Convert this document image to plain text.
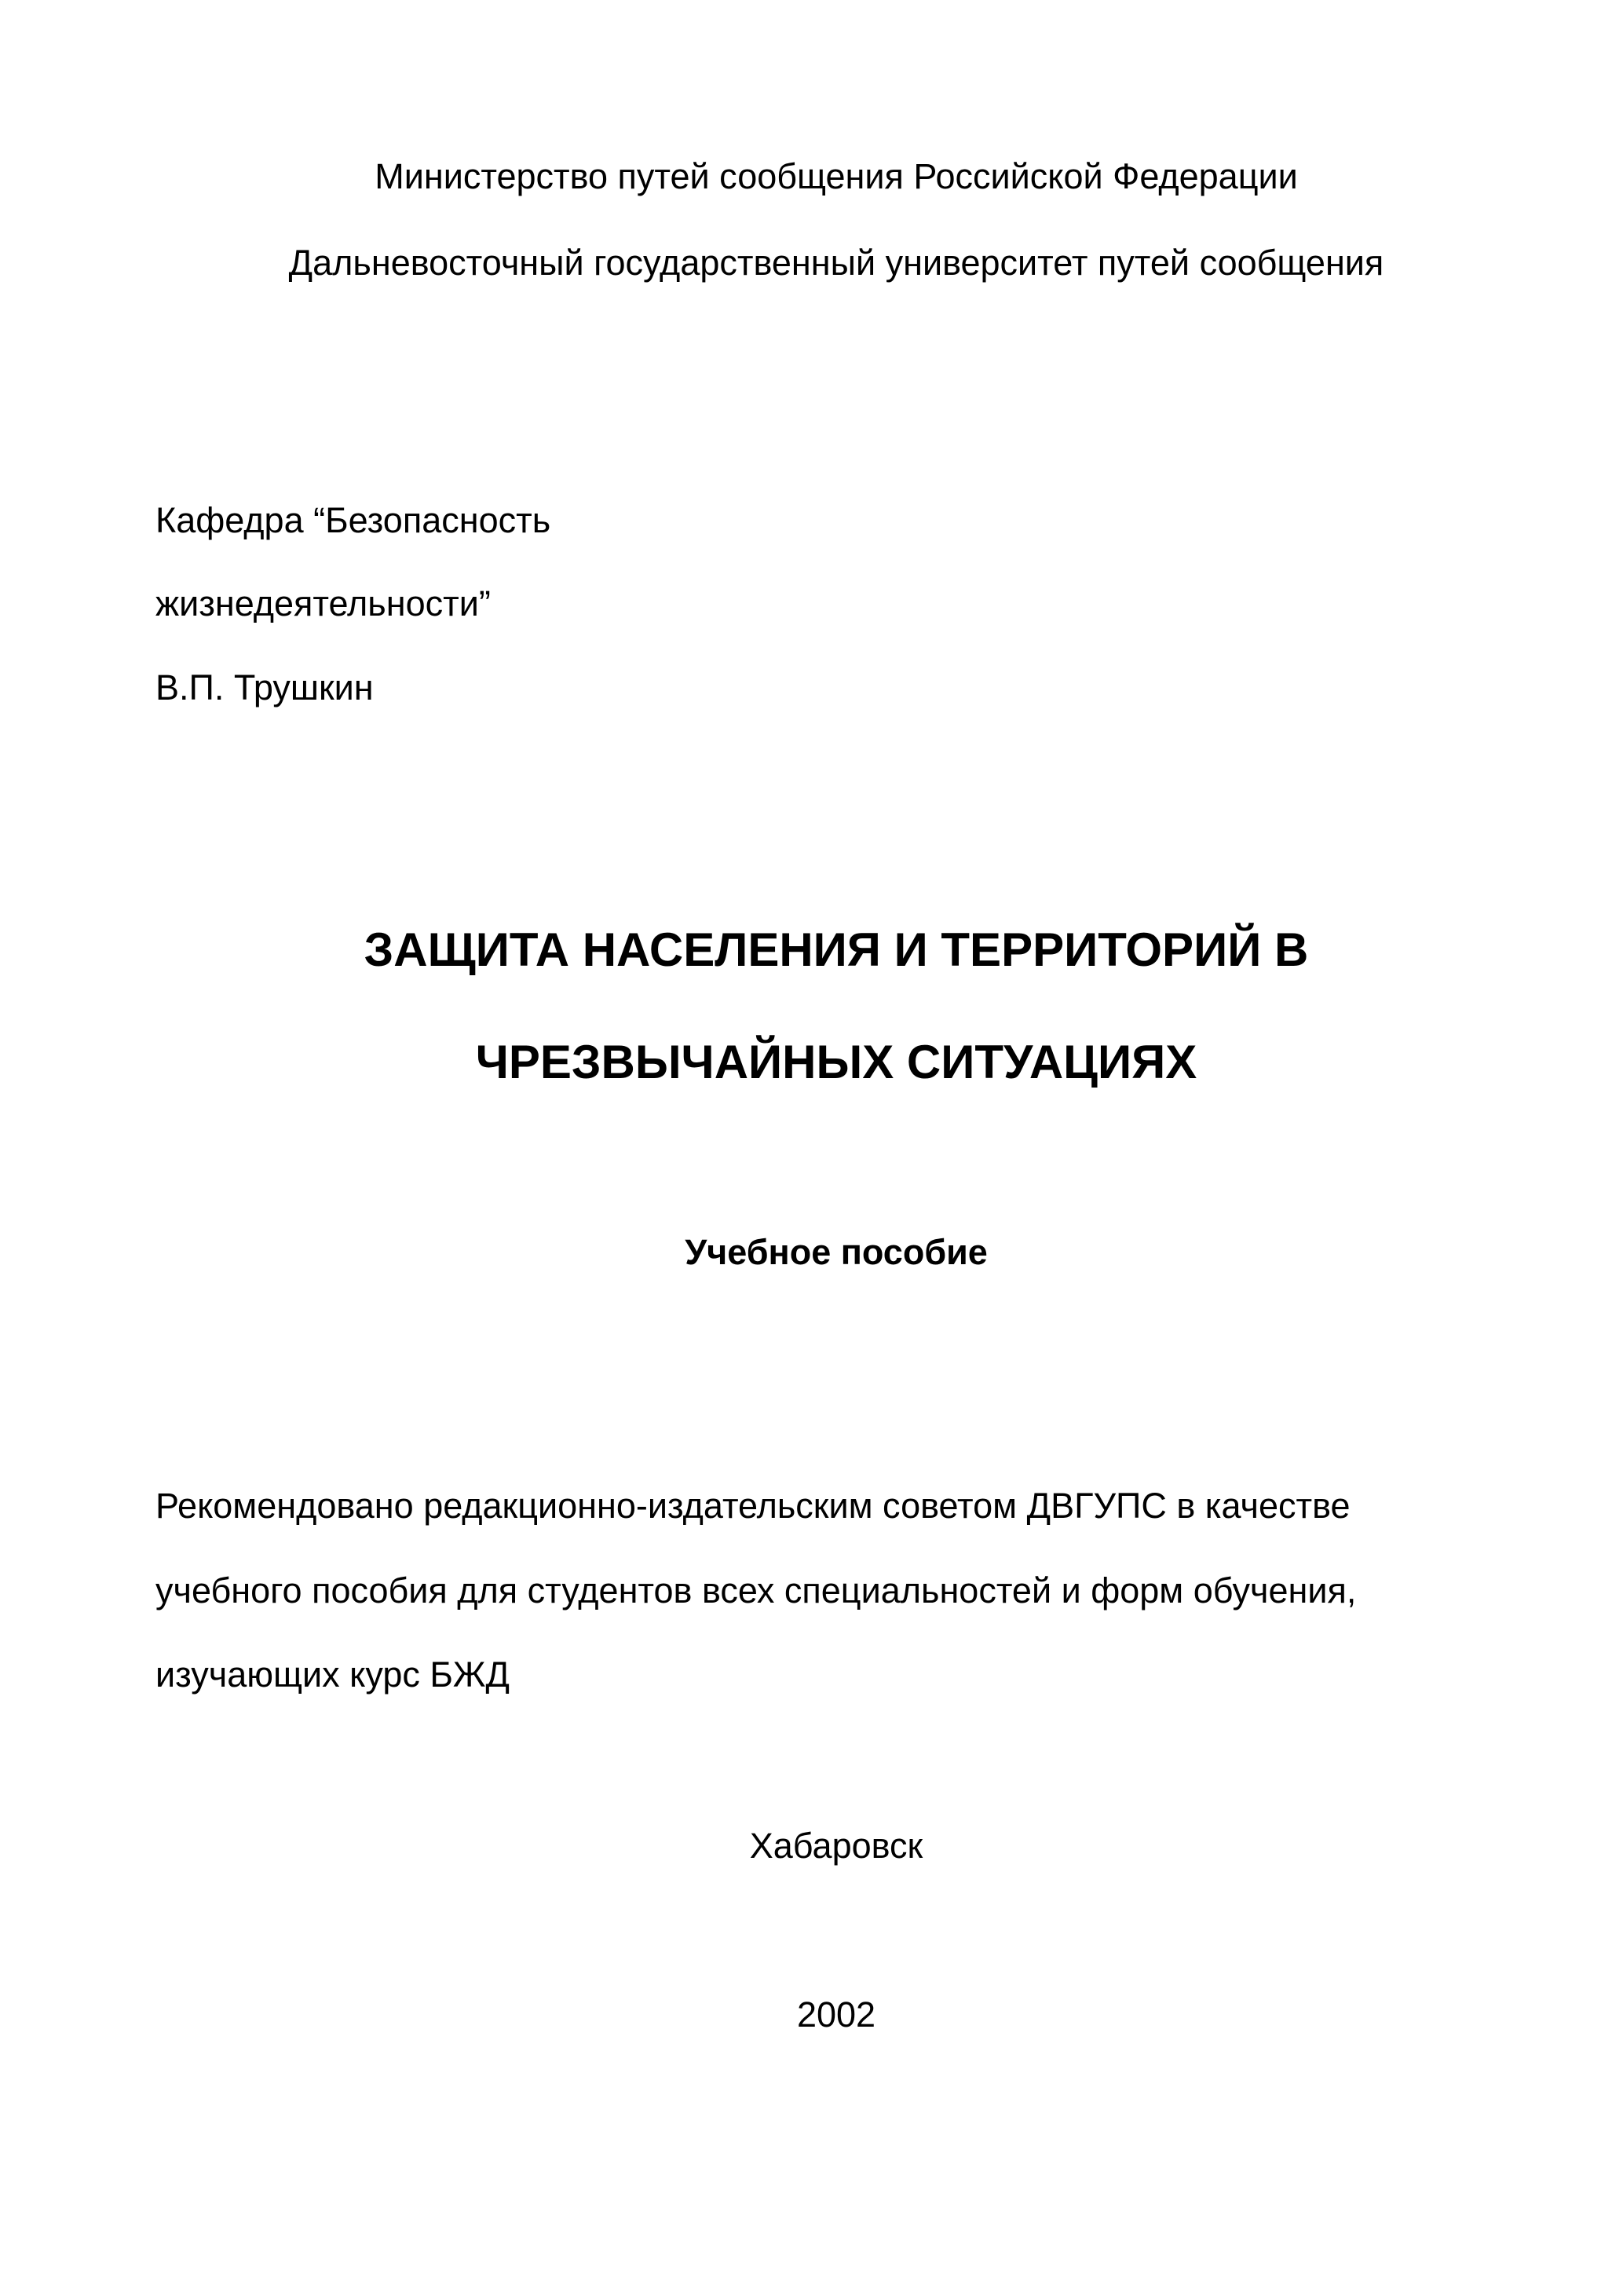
Министерство путей сообщения Российской Федерации

Дальневосточный государственный университет путей сообщения

Кафедра “Безопасность

жизнедеятельности”

В.П. Трушкин

ЗАЩИТА НАСЕЛЕНИЯ И ТЕРРИТОРИЙ В

ЧРЕЗВЫЧАЙНЫХ СИТУАЦИЯХ

Учебное пособие

Рекомендовано редакционно-издательским советом ДВГУПС в качестве

учебного пособия для студентов всех специальностей и форм обучения,

изучающих курс БЖД

Хабаровск

2002
